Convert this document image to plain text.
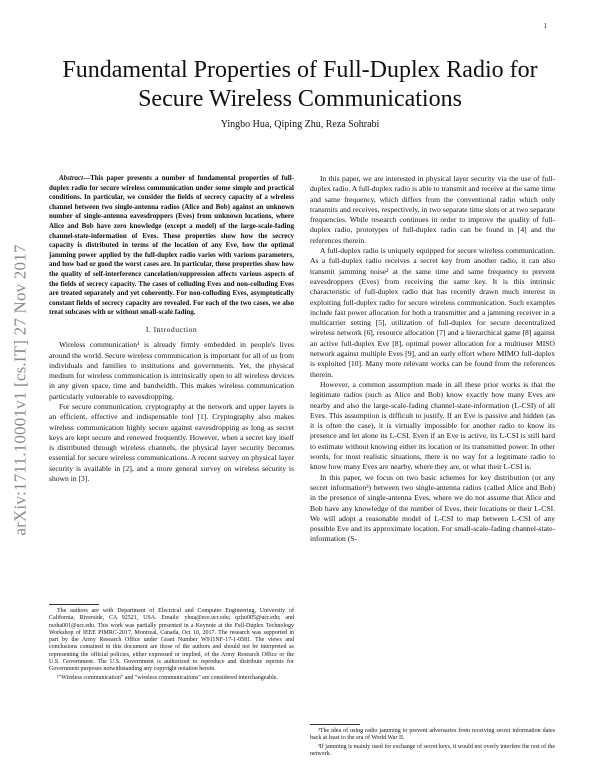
1
arXiv:1711.10001v1 [cs.IT] 27 Nov 2017
Fundamental Properties of Full-Duplex Radio for Secure Wireless Communications

Yingbo Hua, Qiping Zhu, Reza Sohrabi

Abstract—This paper presents a number of fundamental properties of full-duplex radio for secure wireless communication under some simple and practical conditions. In particular, we consider the fields of secrecy capacity of a wireless channel between two single-antenna radios (Alice and Bob) against an unknown number of single-antenna eavesdroppers (Eves) from unknown locations, where Alice and Bob have zero knowledge (except a model) of the large-scale-fading channel-state-information of Eves. These properties show how the secrecy capacity is distributed in terms of the location of any Eve, how the optimal jamming power applied by the full-duplex radio varies with various parameters, and how bad or good the worst cases are. In particular, these properties show how the quality of self-interference cancelation/suppression affects various aspects of the fields of secrecy capacity. The cases of colluding Eves and non-colluding Eves are treated separately and yet coherently. For non-colluding Eves, asymptotically constant fields of secrecy capacity are revealed. For each of the two cases, we also treat subcases with or without small-scale fading.

I. Introduction

Wireless communication¹ is already firmly embedded in people's lives around the world. Secure wireless communication is important for all of us from individuals and families to institutions and governments. Yet, the physical medium for wireless communication is intrinsically open to all wireless devices in any given space, time and bandwidth. This makes wireless communication particularly vulnerable to eavesdropping.

For secure communication, cryptography at the network and upper layers is an efficient, effective and indispensable tool [1]. Cryptography also makes wireless communication highly secure against eavesdropping as long as secret keys are kept secure and renewed frequently. However, when a secret key itself is distributed through wireless channels, the physical layer security becomes essential for secure wireless communications. A recent survey on physical layer security is available in [2], and a more general survey on wireless security is shown in [3].

The authors are with Department of Electrical and Computer Engineering, University of California, Riverside, CA 92521, USA. Emails: yhua@ece.ucr.edu; qzhu005@ucr.edu; and rsoha001@ucr.edu. This work was partially presented in a Keynote at the Full-Duplex Technology Workshop of IEEE PIMRC-2017, Montreal, Canada, Oct 10, 2017. The research was supported in part by the Army Research Office under Grant Number W911NF-17-1-0581. The views and conclusions contained in this document are those of the authors and should not be interpreted as representing the official policies, either expressed or implied, of the Army Research Office or the U.S. Government. The U.S. Government is authorized to reproduce and distribute reprints for Government purposes notwithstanding any copyright notation herein.

¹"Wireless communication" and "wireless communications" are considered interchangeable.

In this paper, we are interested in physical layer security via the use of full-duplex radio. A full-duplex radio is able to transmit and receive at the same time and same frequency, which differs from the conventional radio which only transmits and receives, respectively, in two separate time slots or at two separate frequencies. While research continues in order to improve the quality of full-duplex radio, prototypes of full-duplex radio can be found in [4] and the references therein.

A full-duplex radio is uniquely equipped for secure wireless communication. As a full-duplex radio receives a secret key from another radio, it can also transmit jamming noise² at the same time and same frequency to prevent eavesdroppers (Eves) from receiving the same key. It is this intrinsic characteristic of full-duplex radio that has recently drawn much interest in exploiting full-duplex radio for secure wireless communication. Such examples include fast power allocation for both a transmitter and a jamming receiver in a multicarrier setting [5], utilization of full-duplex for secure decentralized wireless network [6], resource allocation [7] and a hierarchical game [8] against an active full-duplex Eve [8], optimal power allocation for a multiuser MISO network against multiple Eves [9], and an early effort where MIMO full-duplex is exploited [10]. Many more relevant works can be found from the references therein.

However, a common assumption made in all these prior works is that the legitimate radios (such as Alice and Bob) know exactly how many Eves are nearby and also the large-scale-fading channel-state-information (L-CSI) of all Eves. This assumption is difficult to justify. If an Eve is passive and hidden (as it is often the case), it is virtually impossible for another radio to know its presence and let alone its L-CSI. Even if an Eve is active, its L-CSI is still hard to estimate without knowing either its location or its transmitted power. In other words, for most realistic situations, there is no way for a legitimate radio to know how many Eves are nearby, where they are, or what their L-CSI is.

In this paper, we focus on two basic schemes for key distribution (or any secret information³) between two single-antenna radios (called Alice and Bob) in the presence of single-antenna Eves, where we do not assume that Alice and Bob have any knowledge of the number of Eves, their locations or their L-CSI. We will adopt a reasonable model of L-CSI to map between L-CSI of any possible Eve and its approximate location. For small-scale-fading channel-state-information (S-

²The idea of using radio jamming to prevent adversaries from receiving secret information dates back at least to the era of World War II.

³If jamming is mainly used for exchange of secret keys, it would not overly interfere the rest of the network.
